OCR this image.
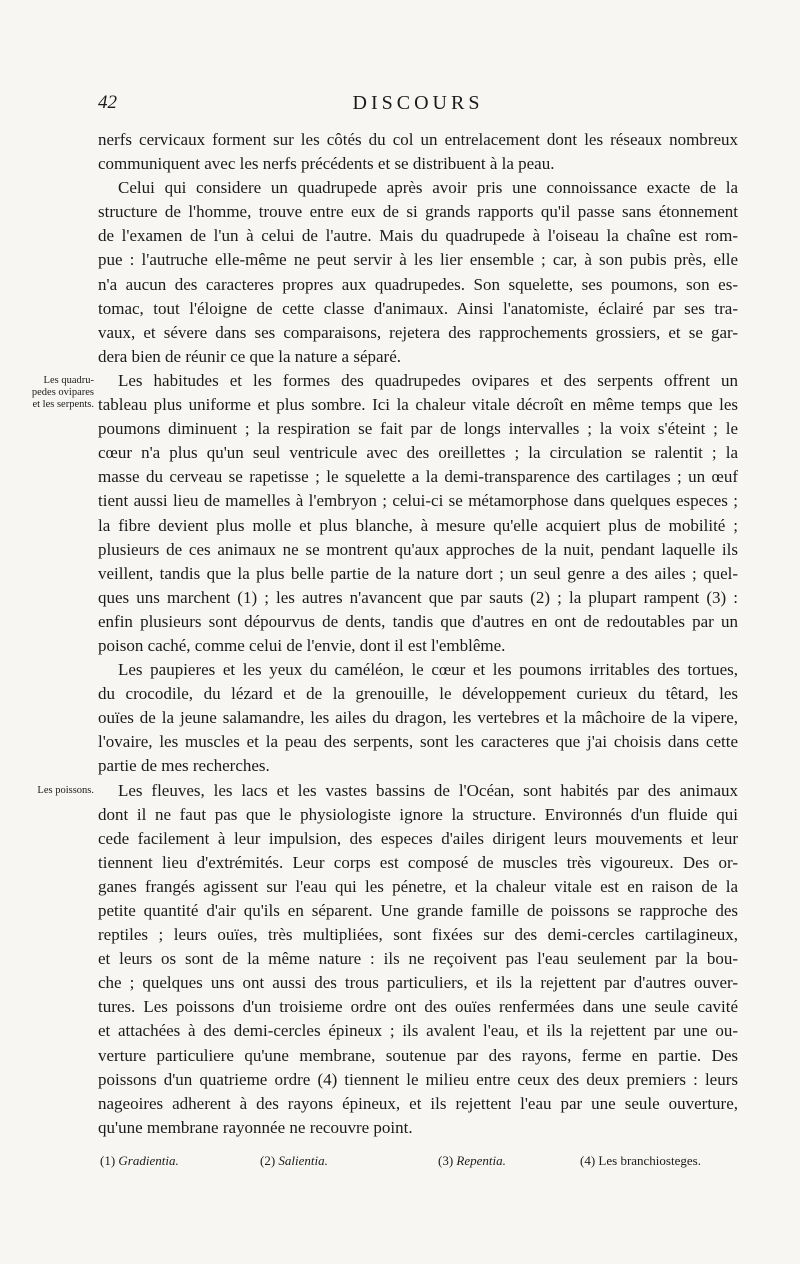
42	DISCOURS
nerfs cervicaux forment sur les côtés du col un entrelacement dont les réseaux nombreux
communiquent avec les nerfs précédents et se distribuent à la peau.
Celui qui considere un quadrupede après avoir pris une connoissance exacte de la
structure de l'homme, trouve entre eux de si grands rapports qu'il passe sans étonnement
de l'examen de l'un à celui de l'autre. Mais du quadrupede à l'oiseau la chaîne est rom-
pue : l'autruche elle-même ne peut servir à les lier ensemble ; car, à son pubis près, elle
n'a aucun des caracteres propres aux quadrupedes. Son squelette, ses poumons, son es-
tomac, tout l'éloigne de cette classe d'animaux. Ainsi l'anatomiste, éclairé par ses tra-
vaux, et sévere dans ses comparaisons, rejetera des rapprochements grossiers, et se gar-
dera bien de réunir ce que la nature a séparé.
Les habitudes et les formes des quadrupedes ovipares et des serpents offrent un
tableau plus uniforme et plus sombre. Ici la chaleur vitale décroît en même temps que les
poumons diminuent ; la respiration se fait par de longs intervalles ; la voix s'éteint ; le
cœur n'a plus qu'un seul ventricule avec des oreillettes ; la circulation se ralentit ; la
masse du cerveau se rapetisse ; le squelette a la demi-transparence des cartilages ; un œuf
tient aussi lieu de mamelles à l'embryon ; celui-ci se métamorphose dans quelques especes ;
la fibre devient plus molle et plus blanche, à mesure qu'elle acquiert plus de mobilité ;
plusieurs de ces animaux ne se montrent qu'aux approches de la nuit, pendant laquelle ils
veillent, tandis que la plus belle partie de la nature dort ; un seul genre a des ailes ; quel-
ques uns marchent (1) ; les autres n'avancent que par sauts (2) ; la plupart rampent (3) :
enfin plusieurs sont dépourvus de dents, tandis que d'autres en ont de redoutables par un
poison caché, comme celui de l'envie, dont il est l'emblême.
Les paupieres et les yeux du caméléon, le cœur et les poumons irritables des tortues,
du crocodile, du lézard et de la grenouille, le développement curieux du têtard, les
ouïes de la jeune salamandre, les ailes du dragon, les vertebres et la mâchoire de la vipere,
l'ovaire, les muscles et la peau des serpents, sont les caracteres que j'ai choisis dans cette
partie de mes recherches.
Les fleuves, les lacs et les vastes bassins de l'Océan, sont habités par des animaux
dont il ne faut pas que le physiologiste ignore la structure. Environnés d'un fluide qui
cede facilement à leur impulsion, des especes d'ailes dirigent leurs mouvements et leur
tiennent lieu d'extrémités. Leur corps est composé de muscles très vigoureux. Des or-
ganes frangés agissent sur l'eau qui les pénetre, et la chaleur vitale est en raison de la
petite quantité d'air qu'ils en séparent. Une grande famille de poissons se rapproche des
reptiles ; leurs ouïes, très multipliées, sont fixées sur des demi-cercles cartilagineux,
et leurs os sont de la même nature : ils ne reçoivent pas l'eau seulement par la bou-
che ; quelques uns ont aussi des trous particuliers, et ils la rejettent par d'autres ouver-
tures. Les poissons d'un troisieme ordre ont des ouïes renfermées dans une seule cavité
et attachées à des demi-cercles épineux ; ils avalent l'eau, et ils la rejettent par une ou-
verture particuliere qu'une membrane, soutenue par des rayons, ferme en partie. Des
poissons d'un quatrieme ordre (4) tiennent le milieu entre ceux des deux premiers : leurs
nageoires adherent à des rayons épineux, et ils rejettent l'eau par une seule ouverture,
qu'une membrane rayonnée ne recouvre point.
Les quadru-
pedes ovipares
et les serpents.
Les poissons.
(1) Gradientia.	(2) Salientia.	(3) Repentia.	(4) Les branchiosteges.
